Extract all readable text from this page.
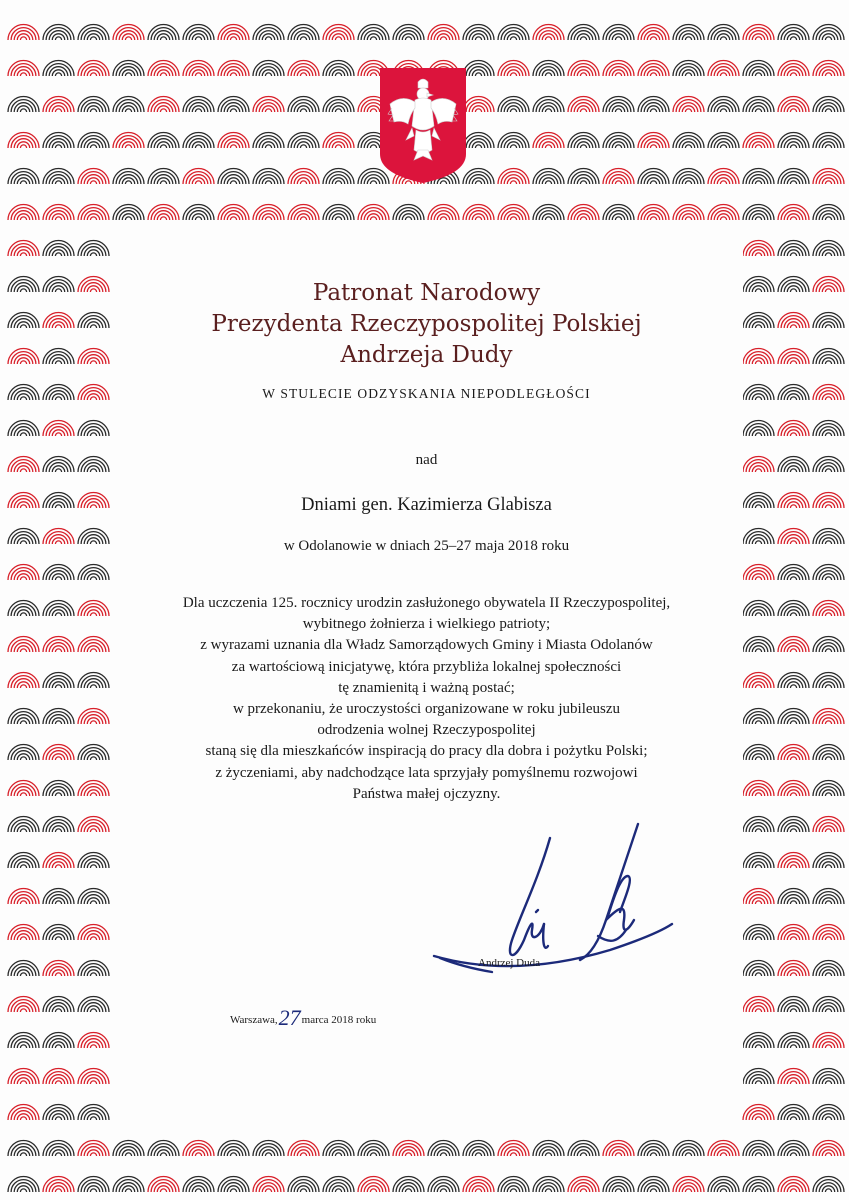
Patronat Narodowy
Prezydenta Rzeczypospolitej Polskiej
Andrzeja Dudy
W STULECIE ODZYSKANIA NIEPODLEGŁOŚCI
nad
Dniami gen. Kazimierza Glabisza
w Odolanowie w dniach 25–27 maja 2018 roku

Dla uczczenia 125. rocznicy urodzin zasłużonego obywatela II Rzeczypospolitej,

wybitnego żołnierza i wielkiego patrioty;

z wyrazami uznania dla Władz Samorządowych Gminy i Miasta Odolanów

za wartościową inicjatywę, która przybliża lokalnej społeczności

tę znamienitą i ważną postać;

w przekonaniu, że uroczystości organizowane w roku jubileuszu

odrodzenia wolnej Rzeczypospolitej

staną się dla mieszkańców inspiracją do pracy dla dobra i pożytku Polski;

z życzeniami, aby nadchodzące lata sprzyjały pomyślnemu rozwojowi

Państwa małej ojczyzny.

Andrzej Duda
Warszawa,27marca 2018 roku
